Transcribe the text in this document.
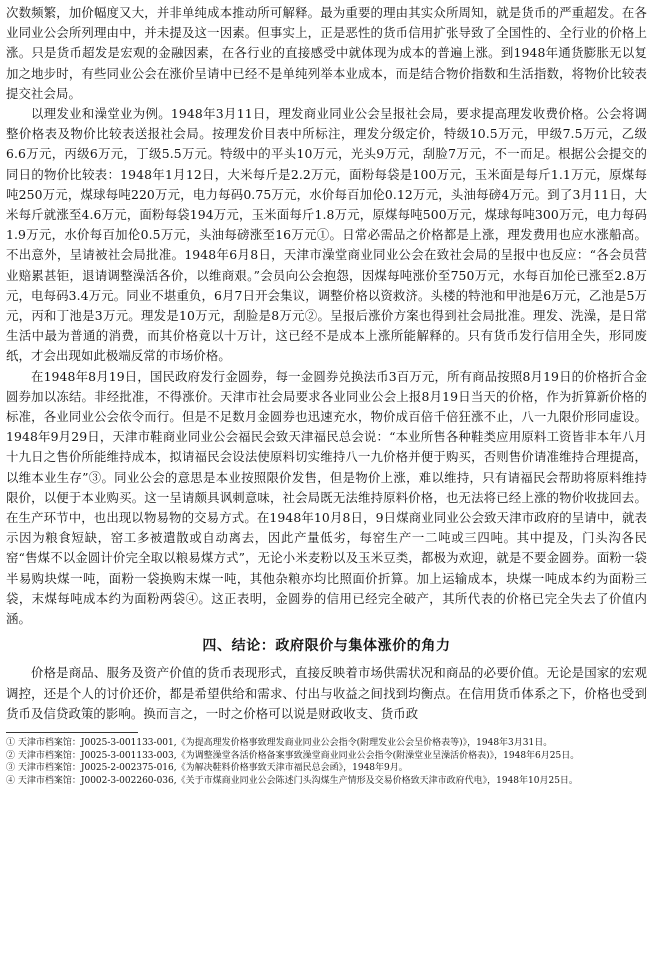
次数频繁，加价幅度又大，并非单纯成本推动所可解释。最为重要的理由其实众所周知，就是货币的严重超发。在各业同业公会所列理由中，并未提及这一因素。但事实上，正是恶性的货币信用扩张导致了全国性的、全行业的价格上涨。只是货币超发是宏观的金融因素，在各行业的直接感受中就体现为成本的普遍上涨。到1948年通货膨胀无以复加之地步时，有些同业公会在涨价呈请中已经不是单纯列举本业成本，而是结合物价指数和生活指数，将物价比较表提交社会局。

以理发业和澡堂业为例。1948年3月11日，理发商业同业公会呈报社会局，要求提高理发收费价格。公会将调整价格表及物价比较表送报社会局。按理发价目表中所标注，理发分级定价，特级10.5万元，甲级7.5万元，乙级6.6万元，丙级6万元，丁级5.5万元。特级中的平头10万元，光头9万元，刮脸7万元，不一而足。根据公会提交的同日的物价比较表：1948年1月12日，大米每斤是2.2万元，面粉每袋是100万元，玉米面是每斤1.1万元，原煤每吨250万元，煤球每吨220万元，电力每码0.75万元，水价每百加伦0.12万元，头油每磅4万元。到了3月11日，大米每斤就涨至4.6万元，面粉每袋194万元，玉米面每斤1.8万元，原煤每吨500万元，煤球每吨300万元，电力每码1.9万元，水价每百加伦0.5万元，头油每磅涨至16万元①。日常必需品之价格都是上涨，理发费用也应水涨船高。不出意外，呈请被社会局批准。1948年6月8日，天津市澡堂商业同业公会在致社会局的呈报中也反应：“各会员营业赔累甚钜，退请调整澡活各价，以维商艰。”会员向公会抱怨，因煤每吨涨价至750万元，水每百加伦已涨至2.8万元，电每码3.4万元。同业不堪重负，6月7日开会集议，调整价格以资救济。头楼的特池和甲池是6万元，乙池是5万元，丙和丁池是3万元。理发是10万元，刮脸是8万元②。呈报后涨价方案也得到社会局批准。理发、洗澡，是日常生活中最为普通的消费，而其价格竟以十万计，这已经不是成本上涨所能解释的。只有货币发行信用全失，形同废纸，才会出现如此极端反常的市场价格。

在1948年8月19日，国民政府发行金圆券，每一金圆券兑换法币3百万元，所有商品按照8月19日的价格折合金圆券加以冻结。非经批准，不得涨价。天津市社会局要求各业同业公会上报8月19日当天的价格，作为折算新价格的标准，各业同业公会依令而行。但是不足数月金圆券也迅速充水，物价成百倍千倍狂涨不止，八一九限价形同虚设。1948年9月29日，天津市鞋商业同业公会福民会致天津福民总会说：“本业所售各种鞋类应用原料工资皆非本年八月十九日之售价所能维持成本，拟请福民会设法使原料切实维持八一九价格并便于购买，否则售价请准维持合理提高，以维本业生存”③。同业公会的意思是本业按照限价发售，但是物价上涨，难以维持，只有请福民会帮助将原料维持限价，以便于本业购买。这一呈请颇具讽刺意味，社会局既无法维持原料价格，也无法将已经上涨的物价收拢回去。在生产环节中，也出现以物易物的交易方式。在1948年10月8日，9日煤商业同业公会致天津市政府的呈请中，就表示因为粮食短缺，窑工多被遣散或自动离去，因此产量低劣，每窑生产一二吨或三四吨。其中提及，门头沟各民窑“售煤不以金圆计价完全取以粮易煤方式”，无论小米麦粉以及玉米豆类，都极为欢迎，就是不要金圆券。面粉一袋半易购块煤一吨，面粉一袋换购末煤一吨，其他杂粮亦均比照面价折算。加上运输成本，块煤一吨成本约为面粉三袋，末煤每吨成本约为面粉两袋④。这正表明，金圆券的信用已经完全破产，其所代表的价格已完全失去了价值内涵。

四、结论：政府限价与集体涨价的角力

价格是商品、服务及资产价值的货币表现形式，直接反映着市场供需状况和商品的必要价值。无论是国家的宏观调控，还是个人的讨价还价，都是希望供给和需求、付出与收益之间找到均衡点。在信用货币体系之下，价格也受到货币及信贷政策的影响。换而言之，一时之价格可以说是财政收支、货币政

① 天津市档案馆：J0025-3-001133-001,《为提高理发价格事致理发商业同业公会指令(附理发业公会呈价格表等)》，1948年3月31日。

② 天津市档案馆：J0025-3-001133-003,《为调整澡堂各活价格备案事致澡堂商业同业公会指令(附澡堂业呈澡活价格表)》，1948年6月25日。

③ 天津市档案馆：J0025-2-002375-016,《为解决鞋料价格事致天津市福民总会函》，1948年9月。

④ 天津市档案馆：J0002-3-002260-036,《关于市煤商业同业公会陈述门头沟煤生产情形及交易价格致天津市政府代电》，1948年10月25日。
